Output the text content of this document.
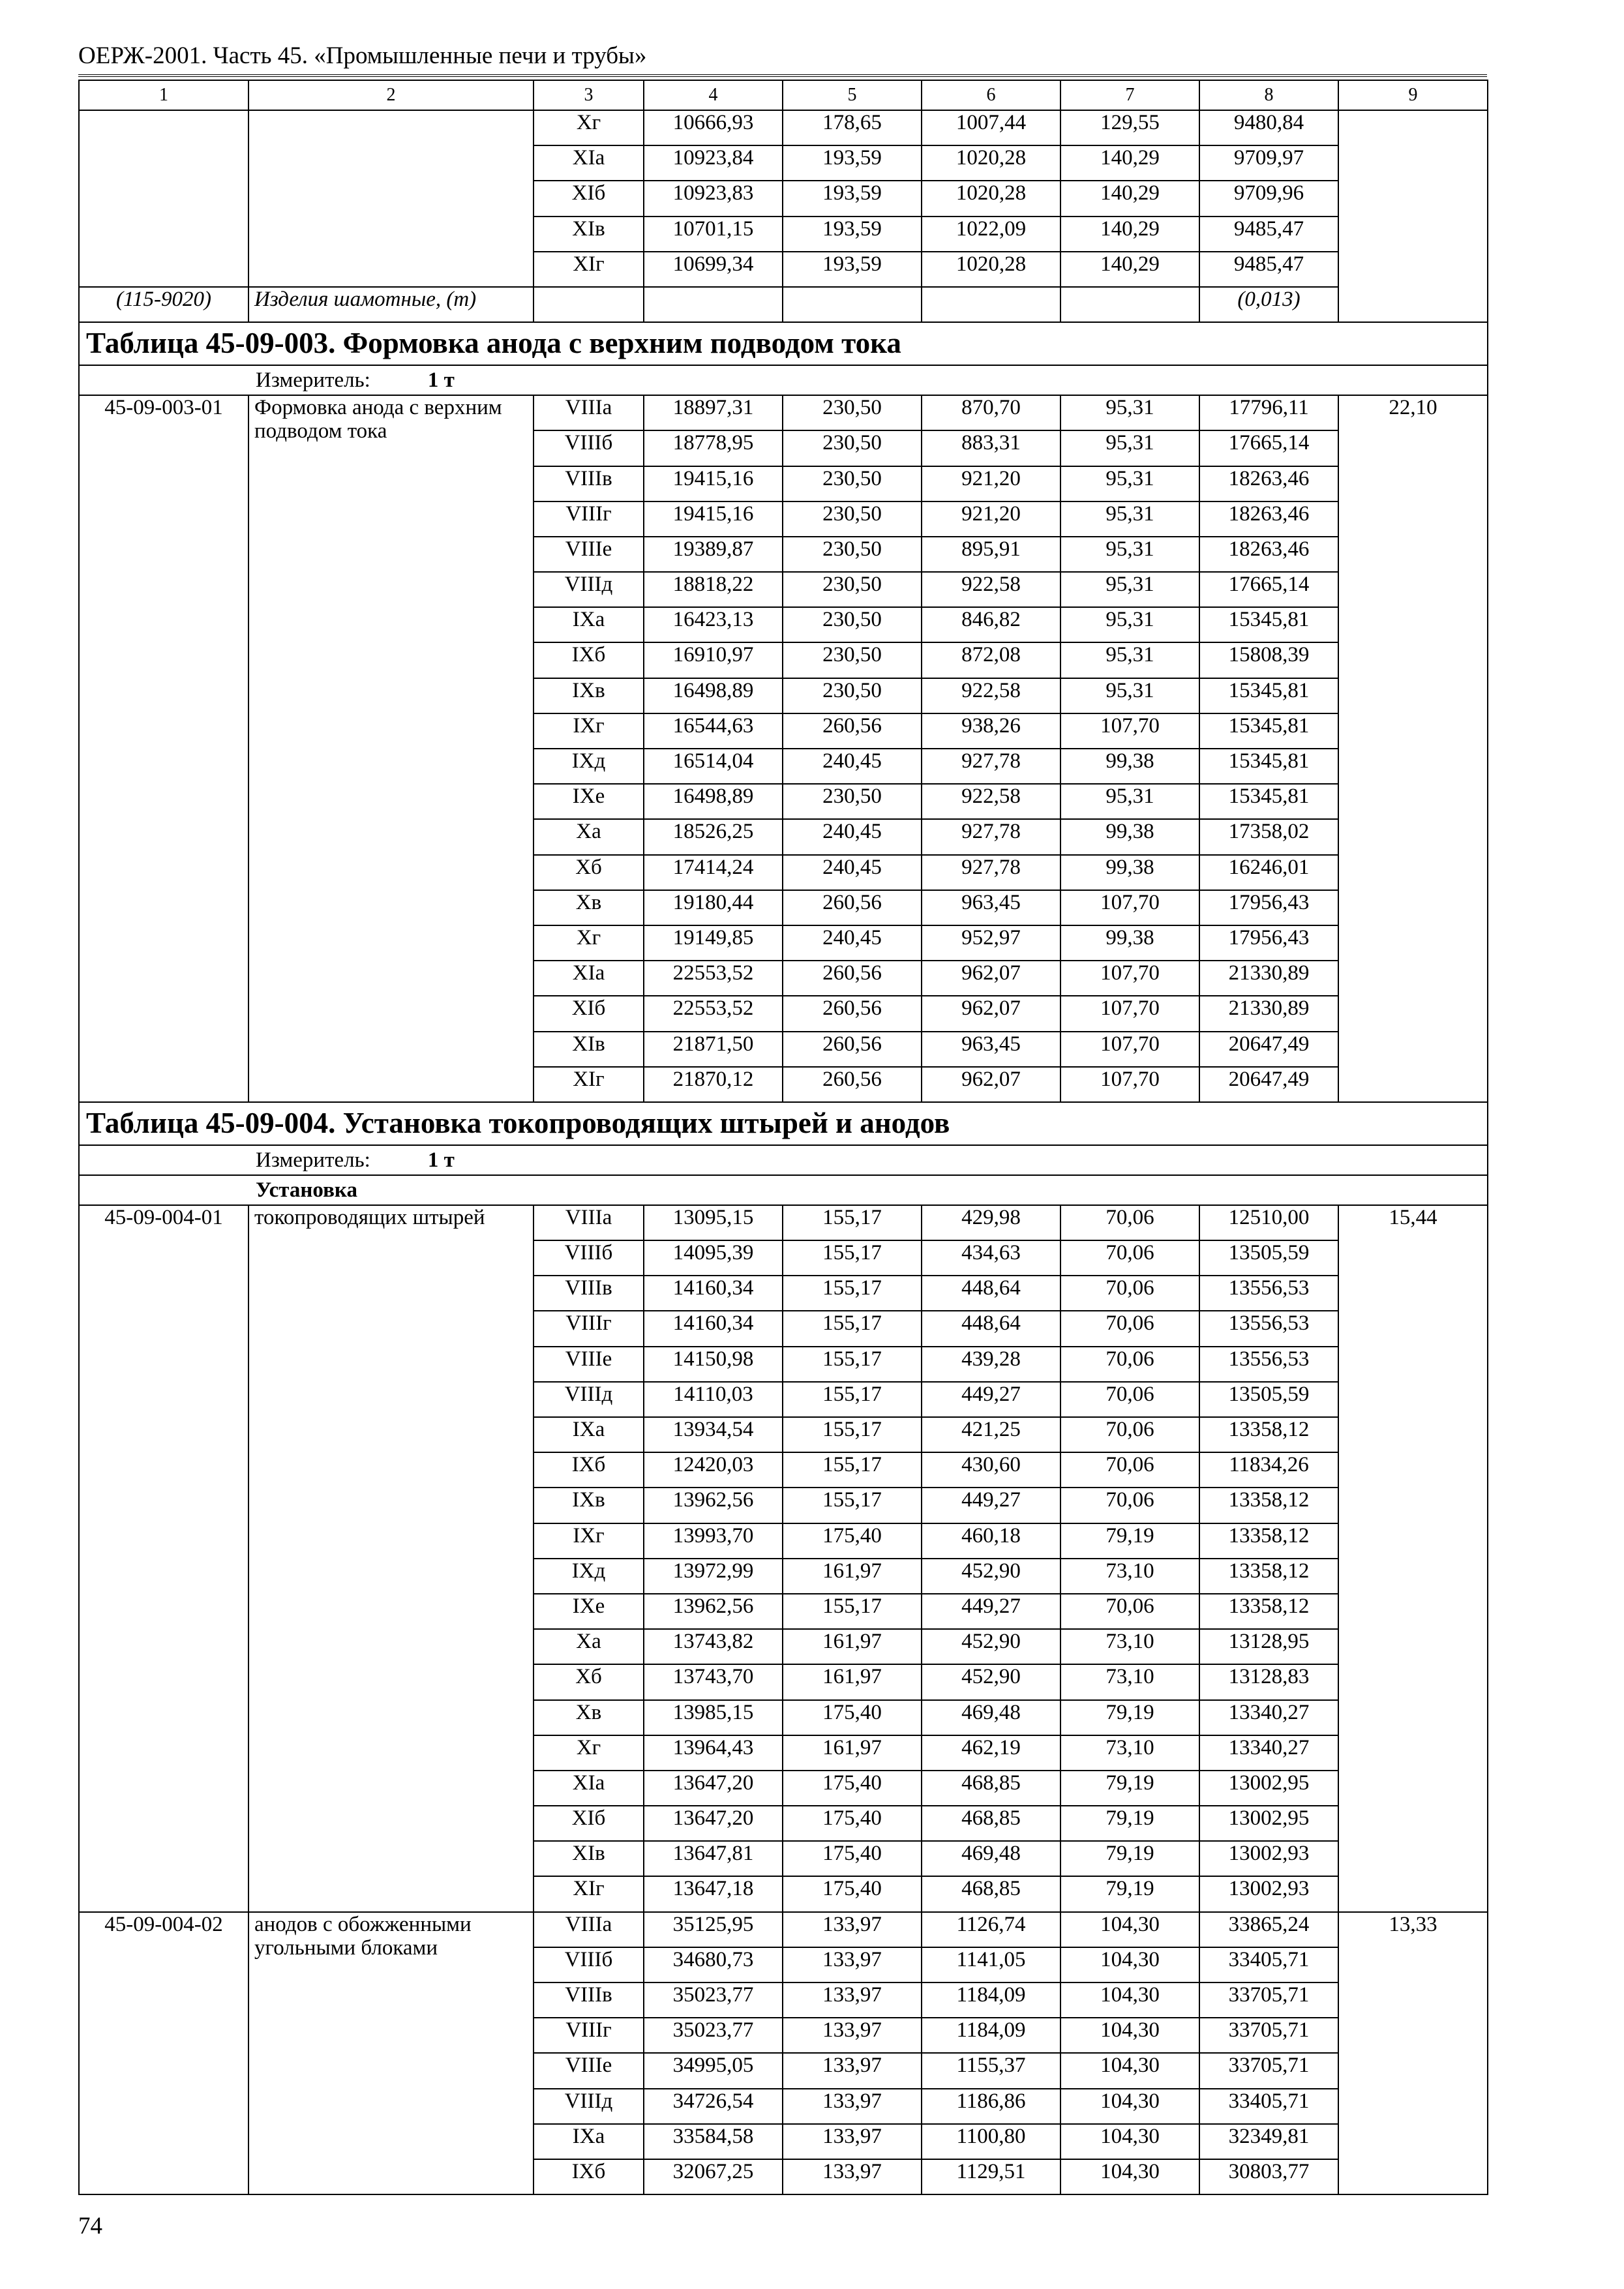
ОЕРЖ-2001. Часть 45. «Промышленные печи и трубы»
1	2	3	4	5	6	7	8	9
		Хг	10666,93	178,65	1007,44	129,55	9480,84	
		ХIа	10923,84	193,59	1020,28	140,29	9709,97	
		ХIб	10923,83	193,59	1020,28	140,29	9709,96	
		ХIв	10701,15	193,59	1022,09	140,29	9485,47	
		ХIг	10699,34	193,59	1020,28	140,29	9485,47	
(115-9020)	Изделия шамотные, (т)						(0,013)	
Таблица 45-09-003. Формовка анода с верхним подводом тока								
Измеритель: 1 т								
45-09-003-01	Формовка анода с верхним подводом тока	VIIIа	18897,31	230,50	870,70	95,31	17796,11	22,10
		VIIIб	18778,95	230,50	883,31	95,31	17665,14	
		VIIIв	19415,16	230,50	921,20	95,31	18263,46	
		VIIIг	19415,16	230,50	921,20	95,31	18263,46	
		VIIIе	19389,87	230,50	895,91	95,31	18263,46	
		VIIIд	18818,22	230,50	922,58	95,31	17665,14	
		IХа	16423,13	230,50	846,82	95,31	15345,81	
		IХб	16910,97	230,50	872,08	95,31	15808,39	
		IХв	16498,89	230,50	922,58	95,31	15345,81	
		IХг	16544,63	260,56	938,26	107,70	15345,81	
		IХд	16514,04	240,45	927,78	99,38	15345,81	
		IХе	16498,89	230,50	922,58	95,31	15345,81	
		Ха	18526,25	240,45	927,78	99,38	17358,02	
		Хб	17414,24	240,45	927,78	99,38	16246,01	
		Хв	19180,44	260,56	963,45	107,70	17956,43	
		Хг	19149,85	240,45	952,97	99,38	17956,43	
		ХIа	22553,52	260,56	962,07	107,70	21330,89	
		ХIб	22553,52	260,56	962,07	107,70	21330,89	
		ХIв	21871,50	260,56	963,45	107,70	20647,49	
		ХIг	21870,12	260,56	962,07	107,70	20647,49	
Таблица 45-09-004. Установка токопроводящих штырей и анодов								
Измеритель: 1 т								
Установка								
45-09-004-01	токопроводящих штырей	VIIIа	13095,15	155,17	429,98	70,06	12510,00	15,44
		VIIIб	14095,39	155,17	434,63	70,06	13505,59	
		VIIIв	14160,34	155,17	448,64	70,06	13556,53	
		VIIIг	14160,34	155,17	448,64	70,06	13556,53	
		VIIIе	14150,98	155,17	439,28	70,06	13556,53	
		VIIIд	14110,03	155,17	449,27	70,06	13505,59	
		IХа	13934,54	155,17	421,25	70,06	13358,12	
		IХб	12420,03	155,17	430,60	70,06	11834,26	
		IХв	13962,56	155,17	449,27	70,06	13358,12	
		IХг	13993,70	175,40	460,18	79,19	13358,12	
		IХд	13972,99	161,97	452,90	73,10	13358,12	
		IХе	13962,56	155,17	449,27	70,06	13358,12	
		Ха	13743,82	161,97	452,90	73,10	13128,95	
		Хб	13743,70	161,97	452,90	73,10	13128,83	
		Хв	13985,15	175,40	469,48	79,19	13340,27	
		Хг	13964,43	161,97	462,19	73,10	13340,27	
		ХIа	13647,20	175,40	468,85	79,19	13002,95	
		ХIб	13647,20	175,40	468,85	79,19	13002,95	
		ХIв	13647,81	175,40	469,48	79,19	13002,93	
		ХIг	13647,18	175,40	468,85	79,19	13002,93	
45-09-004-02	анодов с обожженными угольными блоками	VIIIа	35125,95	133,97	1126,74	104,30	33865,24	13,33
		VIIIб	34680,73	133,97	1141,05	104,30	33405,71	
		VIIIв	35023,77	133,97	1184,09	104,30	33705,71	
		VIIIг	35023,77	133,97	1184,09	104,30	33705,71	
		VIIIе	34995,05	133,97	1155,37	104,30	33705,71	
		VIIIд	34726,54	133,97	1186,86	104,30	33405,71	
		IХа	33584,58	133,97	1100,80	104,30	32349,81	
		IХб	32067,25	133,97	1129,51	104,30	30803,77	
74
